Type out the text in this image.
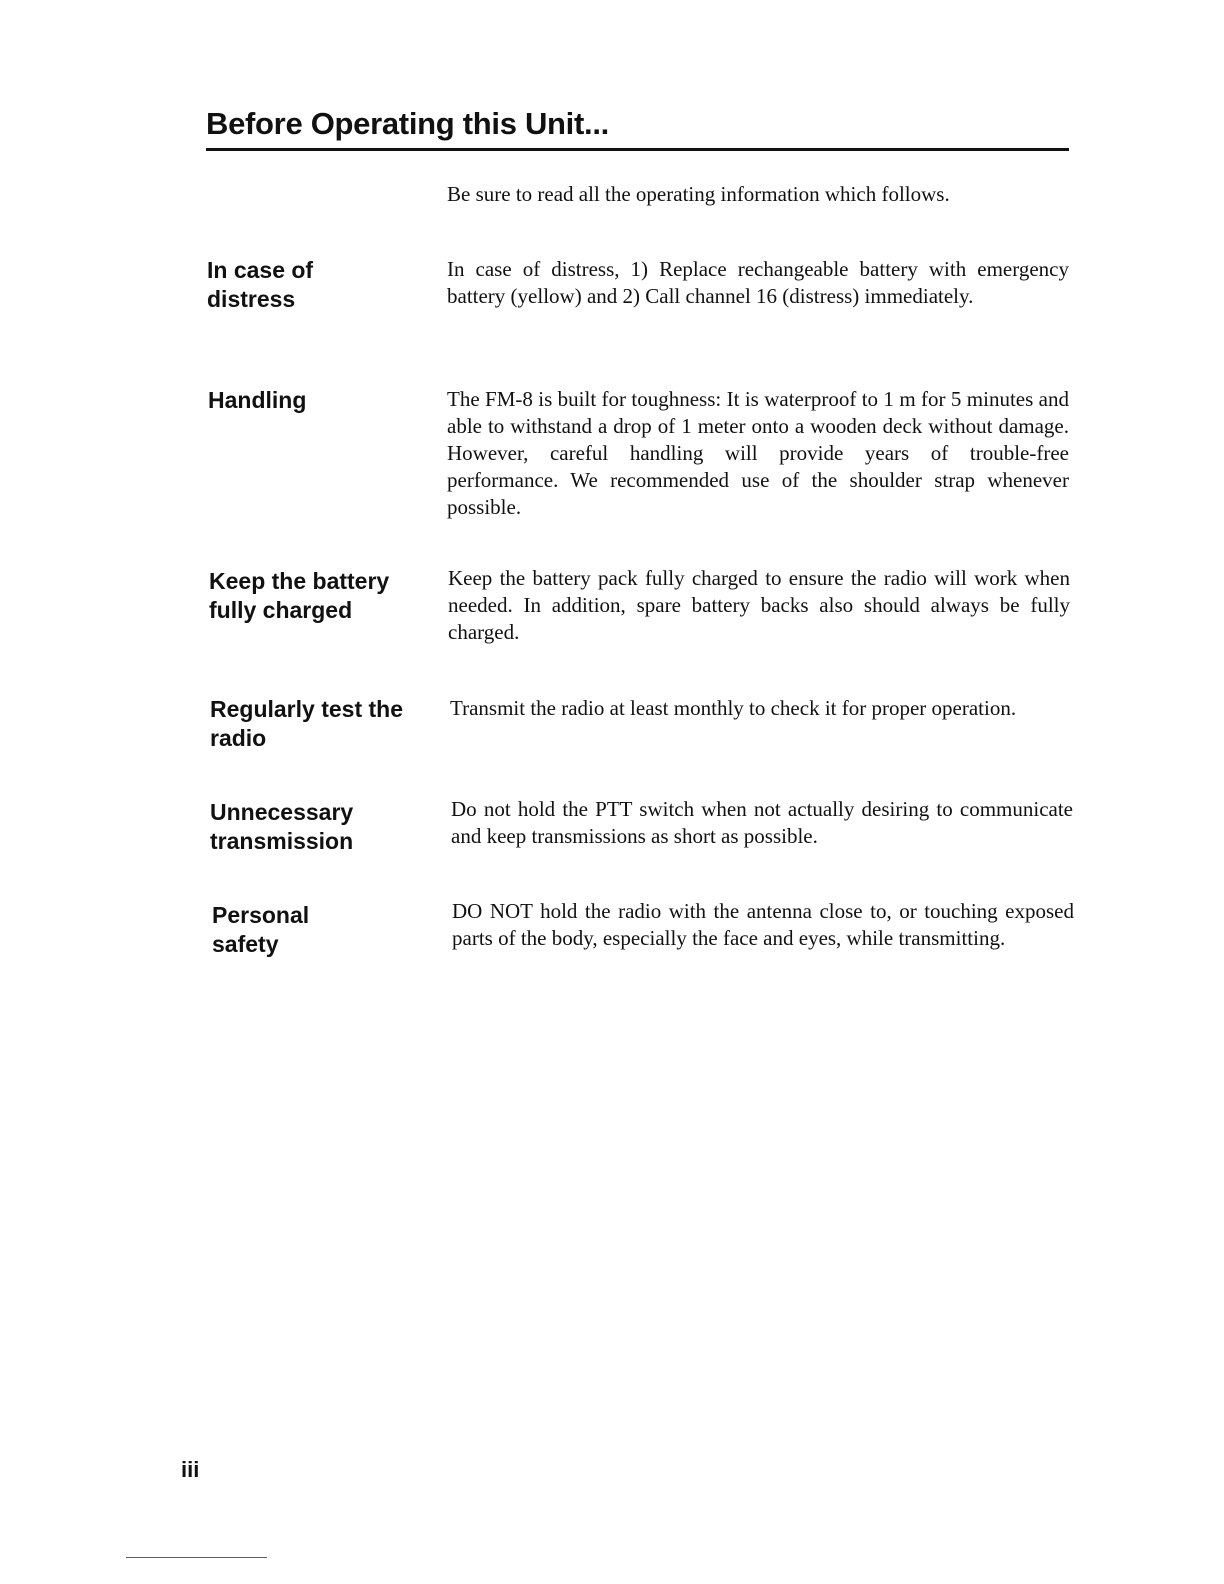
Before Operating this Unit...

Be sure to read all the operating information which follows.

In case of distress

In case of distress, 1) Replace rechangeable battery with emergency battery (yellow) and 2) Call channel 16 (distress) immediately.

Handling	The FM-8 is built for toughness: It is waterproof to 1 m for 5 minutes and able to withstand a drop of 1 meter onto a wooden deck without damage. However, careful handling will provide years of trouble-free performance. We recommended use of the shoulder strap whenever possible.

Keep the battery fully charged

Keep the battery pack fully charged to ensure the radio will work when needed. In addition, spare battery backs also should always be fully charged.

Regularly test the radio

Transmit the radio at least monthly to check it for proper operation.

Unnecessary transmission

Do not hold the PTT switch when not actually desiring to communicate and keep transmissions as short as possible.

Personal safety

DO NOT hold the radio with the antenna close to, or touching exposed parts of the body, especially the face and eyes, while transmitting.

iii
